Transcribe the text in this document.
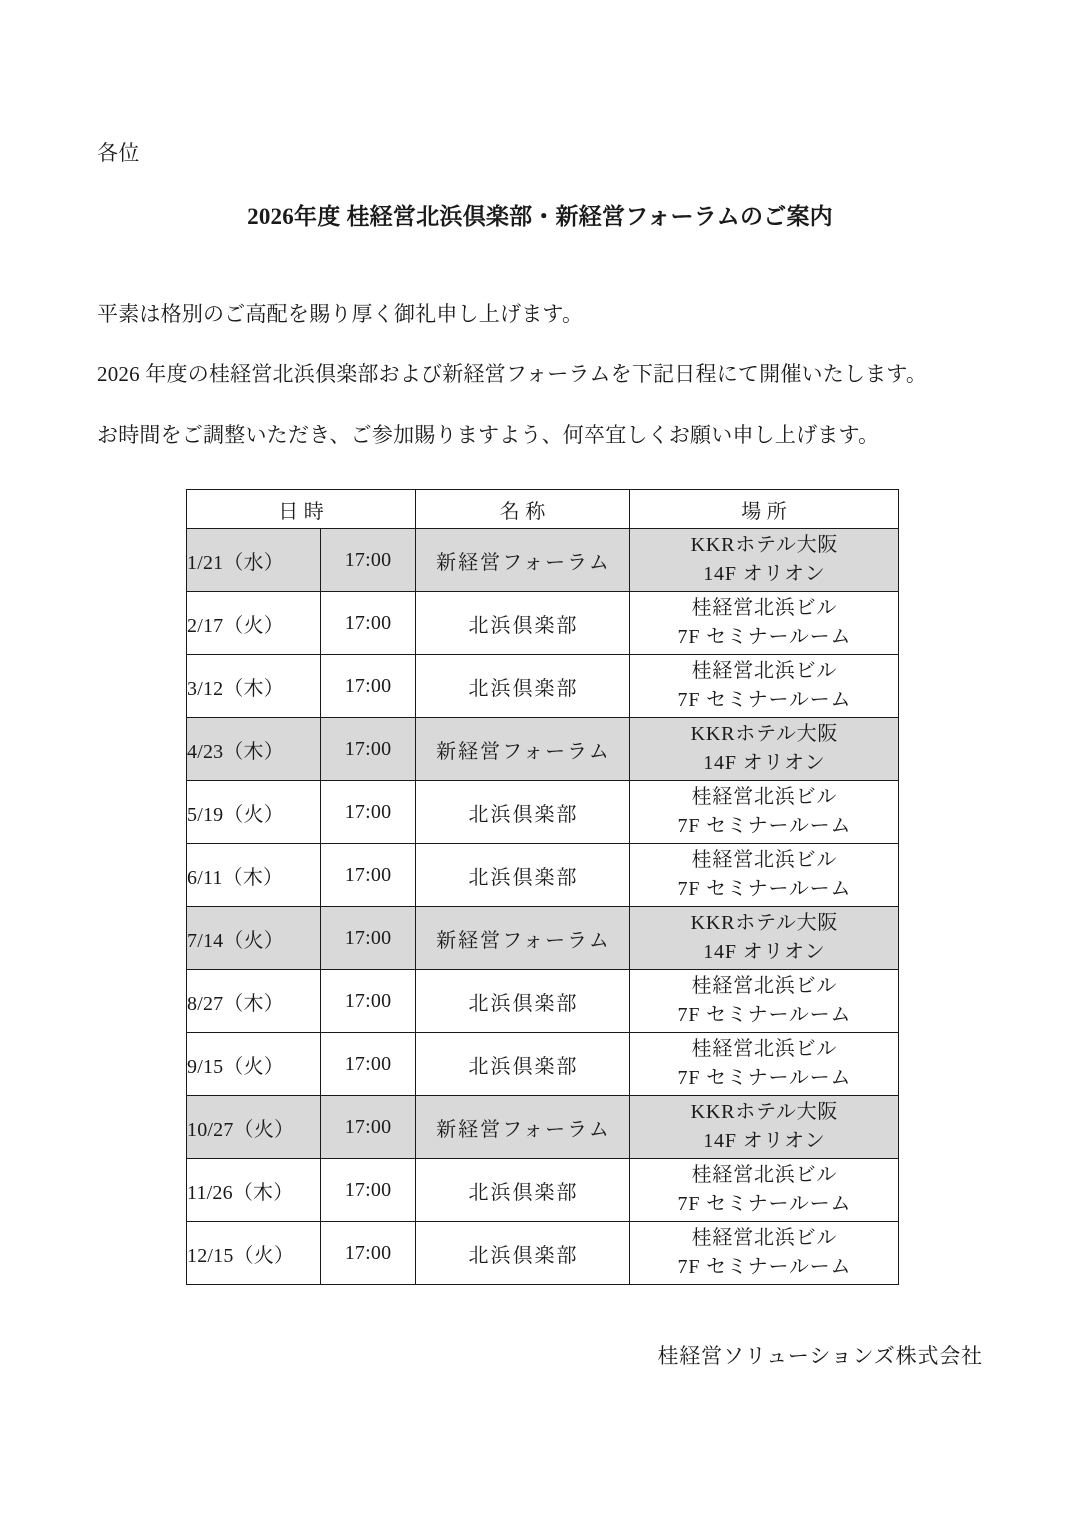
各位
2026年度 桂経営北浜倶楽部・新経営フォーラムのご案内

平素は格別のご高配を賜り厚く御礼申し上げます。

2026 年度の桂経営北浜倶楽部および新経営フォーラムを下記日程にて開催いたします。

お時間をご調整いただき、ご参加賜りますよう、何卒宜しくお願い申し上げます。

日時		名称	場所
1/21（水）	17:00	新経営フォーラム	KKRホテル大阪
14F オリオン

2/17（火）	17:00	北浜倶楽部	桂経営北浜ビル
7F セミナールーム

3/12（木）	17:00	北浜倶楽部	桂経営北浜ビル
7F セミナールーム

4/23（木）	17:00	新経営フォーラム	KKRホテル大阪
14F オリオン

5/19（火）	17:00	北浜倶楽部	桂経営北浜ビル
7F セミナールーム

6/11（木）	17:00	北浜倶楽部	桂経営北浜ビル
7F セミナールーム

7/14（火）	17:00	新経営フォーラム	KKRホテル大阪
14F オリオン

8/27（木）	17:00	北浜倶楽部	桂経営北浜ビル
7F セミナールーム

9/15（火）	17:00	北浜倶楽部	桂経営北浜ビル
7F セミナールーム

10/27（火）	17:00	新経営フォーラム	KKRホテル大阪
14F オリオン

11/26（木）	17:00	北浜倶楽部	桂経営北浜ビル
7F セミナールーム

12/15（火）	17:00	北浜倶楽部	桂経営北浜ビル
7F セミナールーム
桂経営ソリューションズ株式会社
